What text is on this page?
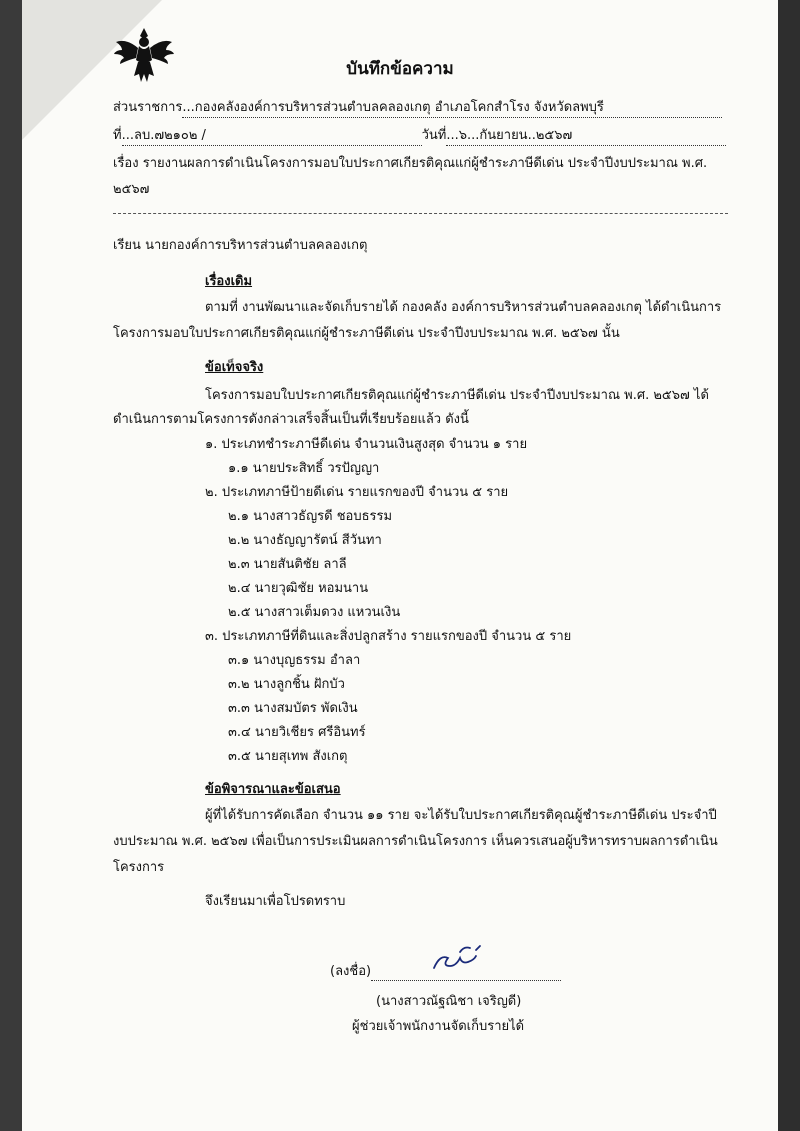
บันทึกข้อความ
ส่วนราชการ...กองคลังองค์การบริหารส่วนตำบลคลองเกตุ อำเภอโคกสำโรง จังหวัดลพบุรี
ที่...ลบ.๗๒๑๐๒ /	วันที่...๖...กันยายน..๒๕๖๗
เรื่อง รายงานผลการดำเนินโครงการมอบใบประกาศเกียรติคุณแก่ผู้ชำระภาษีดีเด่น ประจำปีงบประมาณ พ.ศ.
๒๕๖๗
เรียน นายกองค์การบริหารส่วนตำบลคลองเกตุ
เรื่องเดิม
ตามที่ งานพัฒนาและจัดเก็บรายได้ กองคลัง องค์การบริหารส่วนตำบลคลองเกตุ ได้ดำเนินการ
โครงการมอบใบประกาศเกียรติคุณแก่ผู้ชำระภาษีดีเด่น ประจำปีงบประมาณ พ.ศ. ๒๕๖๗ นั้น
ข้อเท็จจริง
โครงการมอบใบประกาศเกียรติคุณแก่ผู้ชำระภาษีดีเด่น ประจำปีงบประมาณ พ.ศ. ๒๕๖๗ ได้
ดำเนินการตามโครงการดังกล่าวเสร็จสิ้นเป็นที่เรียบร้อยแล้ว ดังนี้
๑. ประเภทชำระภาษีดีเด่น จำนวนเงินสูงสุด จำนวน ๑ ราย
๑.๑ นายประสิทธิ์ วรปัญญา
๒. ประเภทภาษีป้ายดีเด่น รายแรกของปี จำนวน ๕ ราย
๒.๑ นางสาวธัญรดี ชอบธรรม
๒.๒ นางธัญญารัตน์ สีวันทา
๒.๓ นายสันติชัย ลาลี
๒.๔ นายวุฒิชัย หอมนาน
๒.๕ นางสาวเต็มดวง แหวนเงิน
๓. ประเภทภาษีที่ดินและสิ่งปลูกสร้าง รายแรกของปี จำนวน ๕ ราย
๓.๑ นางบุญธรรม อำลา
๓.๒ นางลูกชิ้น ฝักบัว
๓.๓ นางสมบัตร พัดเงิน
๓.๔ นายวิเชียร ศรีอินทร์
๓.๕ นายสุเทพ สังเกตุ
ข้อพิจารณาและข้อเสนอ
ผู้ที่ได้รับการคัดเลือก จำนวน ๑๑ ราย จะได้รับใบประกาศเกียรติคุณผู้ชำระภาษีดีเด่น ประจำปี
งบประมาณ พ.ศ. ๒๕๖๗ เพื่อเป็นการประเมินผลการดำเนินโครงการ เห็นควรเสนอผู้บริหารทราบผลการดำเนิน
โครงการ
จึงเรียนมาเพื่อโปรดทราบ
(ลงชื่อ)
(นางสาวณัฐณิชา เจริญดี)
ผู้ช่วยเจ้าพนักงานจัดเก็บรายได้
